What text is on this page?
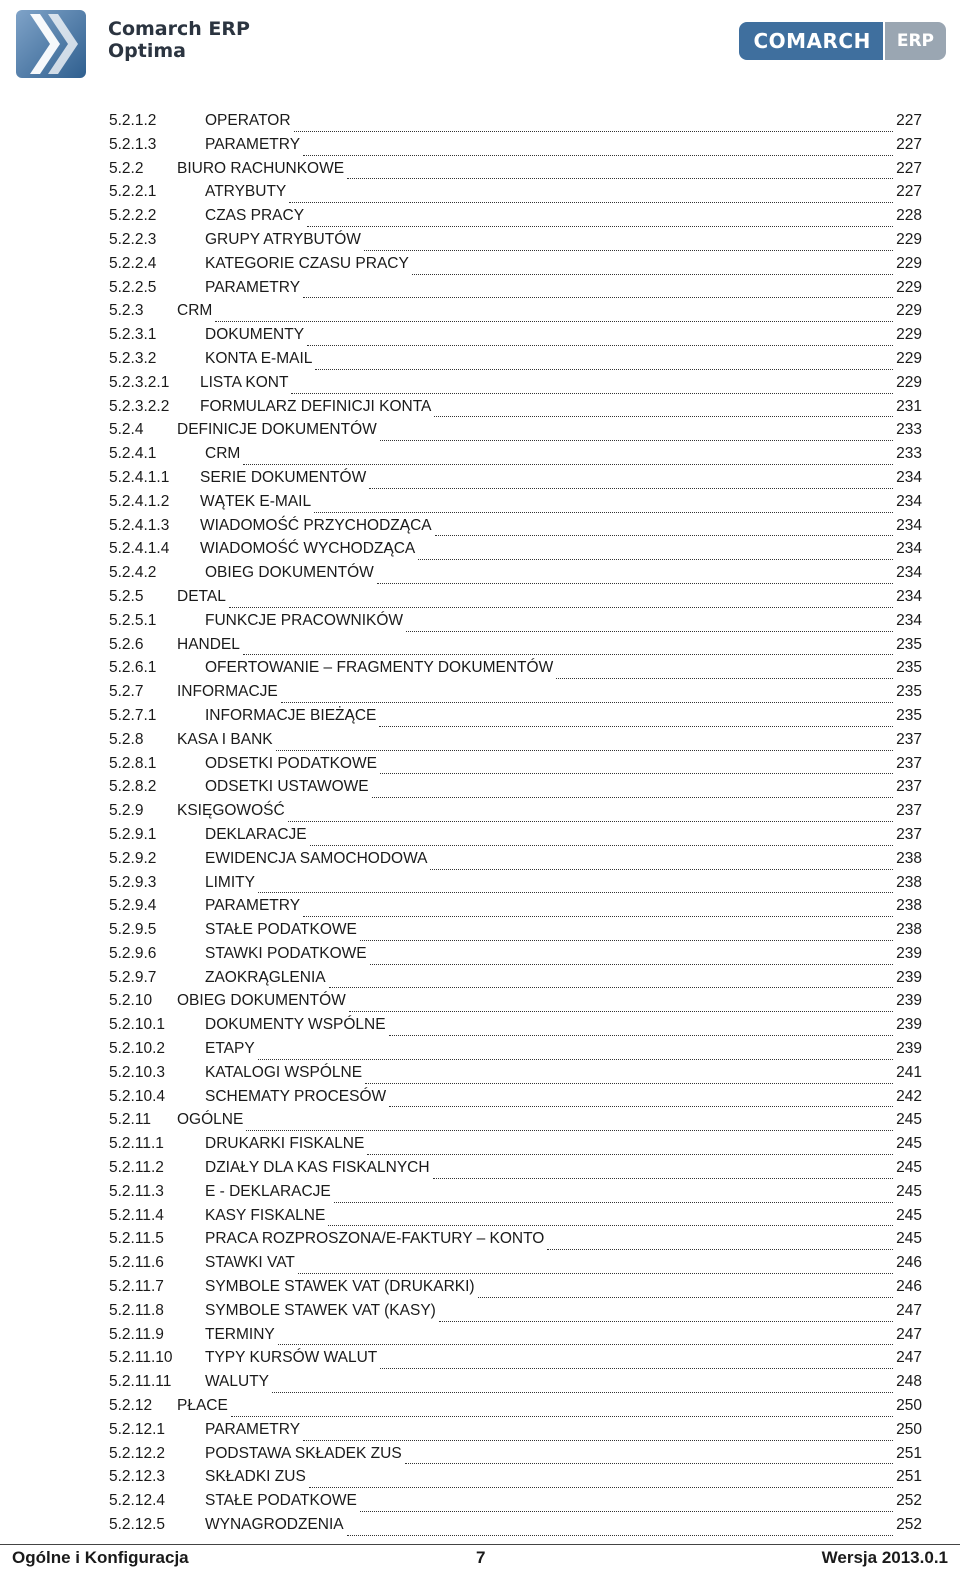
Comarch ERP
Optima	COMARCH	ERP
5.2.1.2	OPERATOR	227
5.2.1.3	PARAMETRY	227
5.2.2	BIURO RACHUNKOWE	227
5.2.2.1	ATRYBUTY	227
5.2.2.2	CZAS PRACY	228
5.2.2.3	GRUPY ATRYBUTÓW	229
5.2.2.4	KATEGORIE CZASU PRACY	229
5.2.2.5	PARAMETRY	229
5.2.3	CRM	229
5.2.3.1	DOKUMENTY	229
5.2.3.2	KONTA E-MAIL	229
5.2.3.2.1	LISTA KONT	229
5.2.3.2.2	FORMULARZ DEFINICJI KONTA	231
5.2.4	DEFINICJE DOKUMENTÓW	233
5.2.4.1	CRM	233
5.2.4.1.1	SERIE DOKUMENTÓW	234
5.2.4.1.2	WĄTEK E-MAIL	234
5.2.4.1.3	WIADOMOŚĆ PRZYCHODZĄCA	234
5.2.4.1.4	WIADOMOŚĆ WYCHODZĄCA	234
5.2.4.2	OBIEG DOKUMENTÓW	234
5.2.5	DETAL	234
5.2.5.1	FUNKCJE PRACOWNIKÓW	234
5.2.6	HANDEL	235
5.2.6.1	OFERTOWANIE – FRAGMENTY DOKUMENTÓW	235
5.2.7	INFORMACJE	235
5.2.7.1	INFORMACJE BIEŻĄCE	235
5.2.8	KASA I BANK	237
5.2.8.1	ODSETKI PODATKOWE	237
5.2.8.2	ODSETKI USTAWOWE	237
5.2.9	KSIĘGOWOŚĆ	237
5.2.9.1	DEKLARACJE	237
5.2.9.2	EWIDENCJA SAMOCHODOWA	238
5.2.9.3	LIMITY	238
5.2.9.4	PARAMETRY	238
5.2.9.5	STAŁE PODATKOWE	238
5.2.9.6	STAWKI PODATKOWE	239
5.2.9.7	ZAOKRĄGLENIA	239
5.2.10	OBIEG DOKUMENTÓW	239
5.2.10.1	DOKUMENTY WSPÓLNE	239
5.2.10.2	ETAPY	239
5.2.10.3	KATALOGI WSPÓLNE	241
5.2.10.4	SCHEMATY PROCESÓW	242
5.2.11	OGÓLNE	245
5.2.11.1	DRUKARKI FISKALNE	245
5.2.11.2	DZIAŁY DLA KAS FISKALNYCH	245
5.2.11.3	E - DEKLARACJE	245
5.2.11.4	KASY FISKALNE	245
5.2.11.5	PRACA ROZPROSZONA/E-FAKTURY – KONTO	245
5.2.11.6	STAWKI VAT	246
5.2.11.7	SYMBOLE STAWEK VAT (DRUKARKI)	246
5.2.11.8	SYMBOLE STAWEK VAT (KASY)	247
5.2.11.9	TERMINY	247
5.2.11.10	TYPY KURSÓW WALUT	247
5.2.11.11	WALUTY	248
5.2.12	PŁACE	250
5.2.12.1	PARAMETRY	250
5.2.12.2	PODSTAWA SKŁADEK ZUS	251
5.2.12.3	SKŁADKI ZUS	251
5.2.12.4	STAŁE PODATKOWE	252
5.2.12.5	WYNAGRODZENIA	252
Ogólne i Konfiguracja	7	Wersja 2013.0.1
